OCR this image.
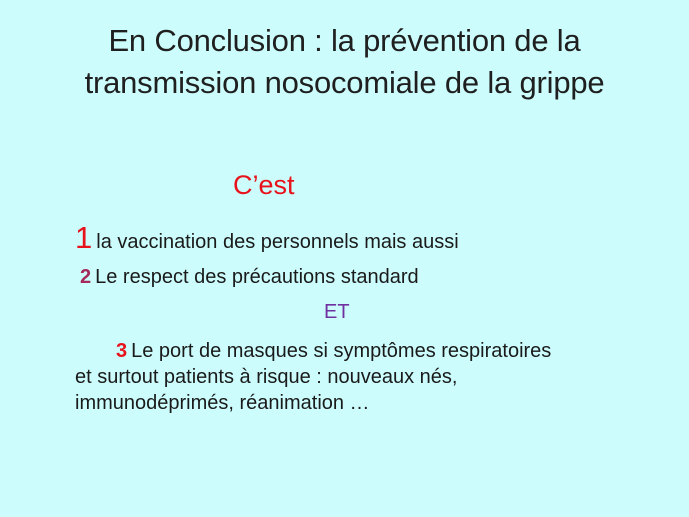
En Conclusion : la prévention de la
transmission nosocomiale de la grippe
C’est
1 la vaccination des personnels mais aussi
2 Le respect des précautions standard
ET
3 Le port de masques si symptômes respiratoires
et surtout patients à risque : nouveaux nés,
immunodéprimés, réanimation …
